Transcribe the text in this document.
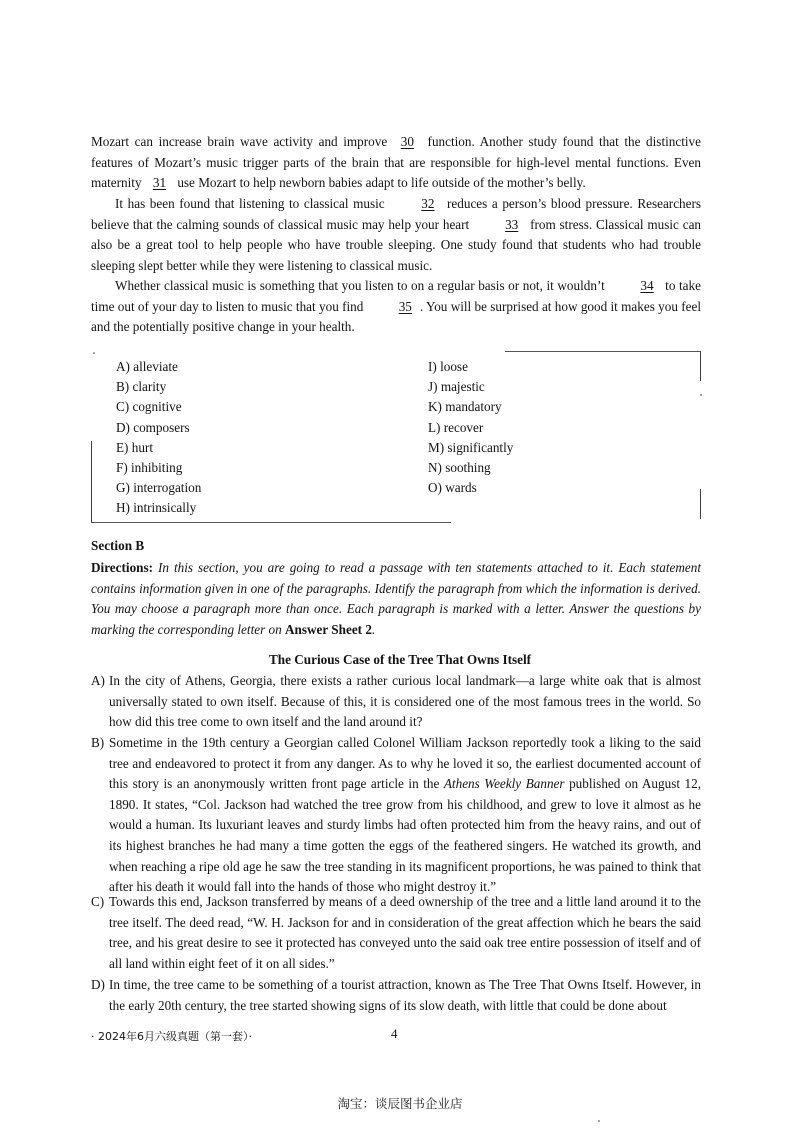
Mozart can increase brain wave activity and improve 30 function. Another study found that the distinctive features of Mozart’s music trigger parts of the brain that are responsible for high-level mental functions. Even maternity 31 use Mozart to help newborn babies adapt to life outside of the mother’s belly.
It has been found that listening to classical music	32 reduces a person’s blood pressure. Researchers believe that the calming sounds of classical music may help your heart	33 from stress. Classical music can also be a great tool to help people who have trouble sleeping. One study found that students who had trouble sleeping slept better while they were listening to classical music.
Whether classical music is something that you listen to on a regular basis or not, it wouldn’t	34 to take time out of your day to listen to music that you find	35 . You will be surprised at how good it makes you feel and the potentially positive change in your health.
A) alleviate
B) clarity
C) cognitive
D) composers
E) hurt
F) inhibiting
G) interrogation
H) intrinsically
I) loose
J) majestic
K) mandatory
L) recover
M) significantly
N) soothing
O) wards
Section B
Directions: In this section, you are going to read a passage with ten statements attached to it. Each statement contains information given in one of the paragraphs. Identify the paragraph from which the information is derived. You may choose a paragraph more than once. Each paragraph is marked with a letter. Answer the questions by marking the corresponding letter on Answer Sheet 2.
The Curious Case of the Tree That Owns Itself
A) In the city of Athens, Georgia, there exists a rather curious local landmark—a large white oak that is almost universally stated to own itself. Because of this, it is considered one of the most famous trees in the world. So how did this tree come to own itself and the land around it?
B) Sometime in the 19th century a Georgian called Colonel William Jackson reportedly took a liking to the said tree and endeavored to protect it from any danger. As to why he loved it so, the earliest documented account of this story is an anonymously written front page article in the Athens Weekly Banner published on August 12, 1890. It states, “Col. Jackson had watched the tree grow from his childhood, and grew to love it almost as he would a human. Its luxuriant leaves and sturdy limbs had often protected him from the heavy rains, and out of its highest branches he had many a time gotten the eggs of the feathered singers. He watched its growth, and when reaching a ripe old age he saw the tree standing in its magnificent proportions, he was pained to think that after his death it would fall into the hands of those who might destroy it.”
C) Towards this end, Jackson transferred by means of a deed ownership of the tree and a little land around it to the tree itself. The deed read, “W. H. Jackson for and in consideration of the great affection which he bears the said tree, and his great desire to see it protected has conveyed unto the said oak tree entire possession of itself and of all land within eight feet of it on all sides.”
D) In time, the tree came to be something of a tourist attraction, known as The Tree That Owns Itself. However, in the early 20th century, the tree started showing signs of its slow death, with little that could be done about
· 2024年6月六级真题（第一套）·	4
淘宝：谈辰图书企业店
